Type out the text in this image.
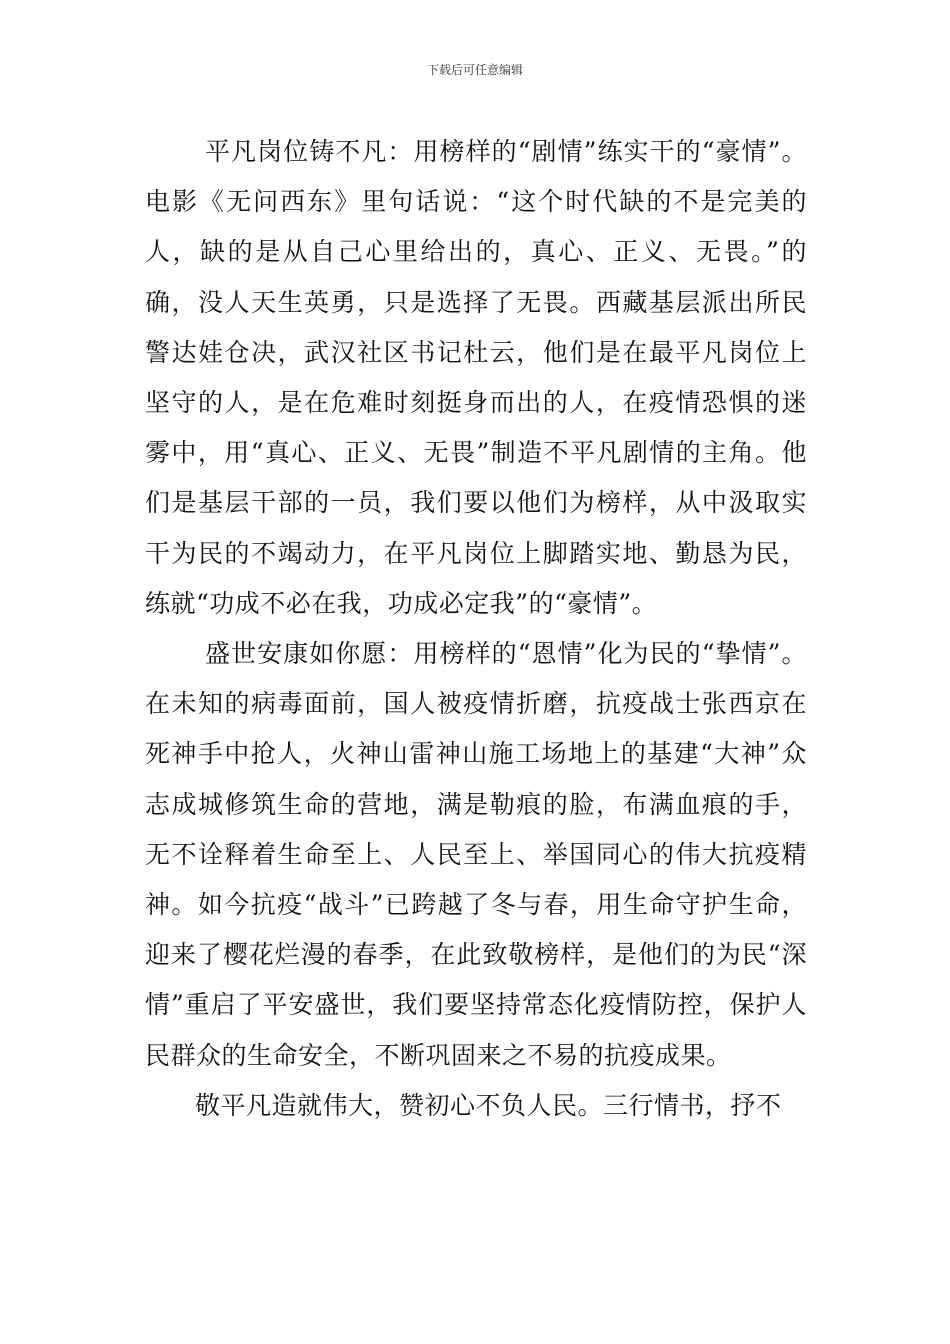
下载后可任意编辑

平凡岗位铸不凡：用榜样的“剧情”练实干的“豪情”。电影《无问西东》里句话说：“这个时代缺的不是完美的人，缺的是从自己心里给出的，真心、正义、无畏。”的确，没人天生英勇，只是选择了无畏。西藏基层派出所民警达娃仓决，武汉社区书记杜云，他们是在最平凡岗位上坚守的人，是在危难时刻挺身而出的人，在疫情恐惧的迷雾中，用“真心、正义、无畏”制造不平凡剧情的主角。他们是基层干部的一员，我们要以他们为榜样，从中汲取实干为民的不竭动力，在平凡岗位上脚踏实地、勤恳为民，练就“功成不必在我，功成必定我”的“豪情”。

盛世安康如你愿：用榜样的“恩情”化为民的“挚情”。在未知的病毒面前，国人被疫情折磨，抗疫战士张西京在死神手中抢人，火神山雷神山施工场地上的基建“大神”众志成城修筑生命的营地，满是勒痕的脸，布满血痕的手，无不诠释着生命至上、人民至上、举国同心的伟大抗疫精神。如今抗疫“战斗”已跨越了冬与春，用生命守护生命，迎来了樱花烂漫的春季，在此致敬榜样，是他们的为民“深情”重启了平安盛世，我们要坚持常态化疫情防控，保护人民群众的生命安全，不断巩固来之不易的抗疫成果。

敬平凡造就伟大，赞初心不负人民。三行情书，抒不
